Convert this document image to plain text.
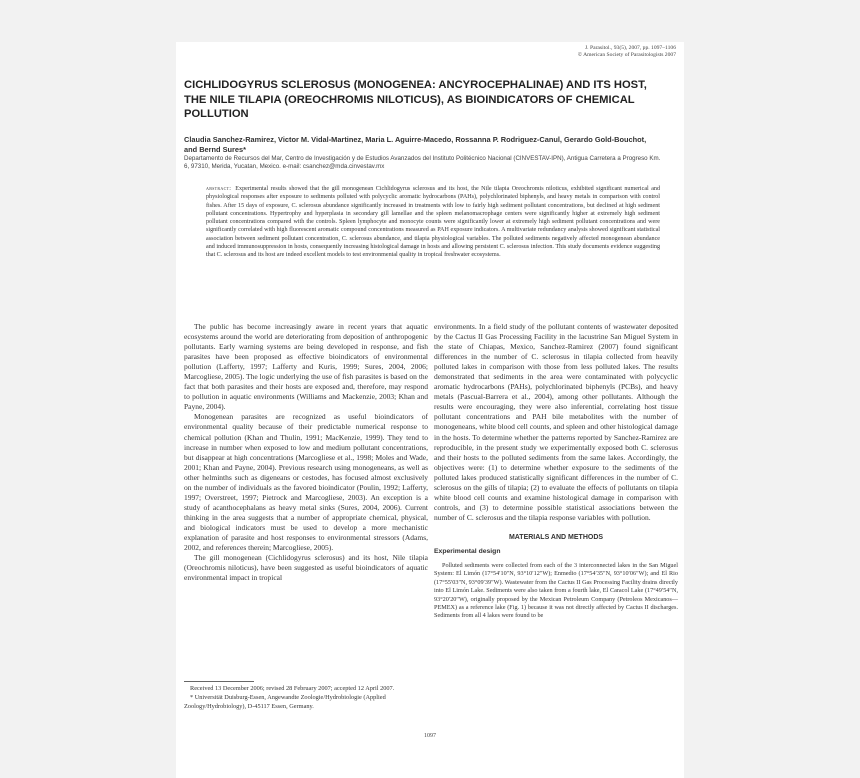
J. Parasitol., 93(5), 2007, pp. 1097–1106
© American Society of Parasitologists 2007
CICHLIDOGYRUS SCLEROSUS (MONOGENEA: ANCYROCEPHALINAE) AND ITS HOST, THE NILE TILAPIA (OREOCHROMIS NILOTICUS), AS BIOINDICATORS OF CHEMICAL POLLUTION
Claudia Sanchez-Ramirez, Victor M. Vidal-Martinez, Maria L. Aguirre-Macedo, Rossanna P. Rodriguez-Canul, Gerardo Gold-Bouchot, and Bernd Sures*
Departamento de Recursos del Mar, Centro de Investigación y de Estudios Avanzados del Instituto Politécnico Nacional (CINVESTAV-IPN), Antigua Carretera a Progreso Km. 6, 97310, Merida, Yucatan, Mexico. e-mail: csanchez@mda.cinvestav.mx
abstract: Experimental results showed that the gill monogenean Cichlidogyrus sclerosus and its host, the Nile tilapia Oreochromis niloticus, exhibited significant numerical and physiological responses after exposure to sediments polluted with polycyclic aromatic hydrocarbons (PAHs), polychlorinated biphenyls, and heavy metals in comparison with control fishes. After 15 days of exposure, C. sclerosus abundance significantly increased in treatments with low to fairly high sediment pollutant concentrations, but declined at high sediment pollutant concentrations. Hypertrophy and hyperplasia in secondary gill lamellae and the spleen melanomacrophage centers were significantly higher at extremely high sediment pollutant concentrations compared with the controls. Spleen lymphocyte and monocyte counts were significantly lower at extremely high sediment pollutant concentrations and were significantly correlated with high fluorescent aromatic compound concentrations measured as PAH exposure indicators. A multivariate redundancy analysis showed significant statistical association between sediment pollutant concentration, C. sclerosus abundance, and tilapia physiological variables. The polluted sediments negatively affected monogenean abundance and induced immunosuppression in hosts, consequently increasing histological damage in hosts and allowing persistent C. sclerosus infection. This study documents evidence suggesting that C. sclerosus and its host are indeed excellent models to test environmental quality in tropical freshwater ecosystems.

The public has become increasingly aware in recent years that aquatic ecosystems around the world are deteriorating from deposition of anthropogenic pollutants. Early warning systems are being developed in response, and fish parasites have been proposed as effective bioindicators of environmental pollution (Lafferty, 1997; Lafferty and Kuris, 1999; Sures, 2004, 2006; Marcogliese, 2005). The logic underlying the use of fish parasites is based on the fact that both parasites and their hosts are exposed and, therefore, may respond to pollution in aquatic environments (Williams and Mackenzie, 2003; Khan and Payne, 2004).

Monogenean parasites are recognized as useful bioindicators of environmental quality because of their predictable numerical response to chemical pollution (Khan and Thulin, 1991; MacKenzie, 1999). They tend to increase in number when exposed to low and medium pollutant concentrations, but disappear at high concentrations (Marcogliese et al., 1998; Moles and Wade, 2001; Khan and Payne, 2004). Previous research using monogeneans, as well as other helminths such as digeneans or cestodes, has focused almost exclusively on the number of individuals as the favored bioindicator (Poulin, 1992; Lafferty, 1997; Overstreet, 1997; Pietrock and Marcogliese, 2003). An exception is a study of acanthocephalans as heavy metal sinks (Sures, 2004, 2006). Current thinking in the area suggests that a number of appropriate chemical, physical, and biological indicators must be used to develop a more mechanistic explanation of parasite and host responses to environmental stressors (Adams, 2002, and references therein; Marcogliese, 2005).

The gill monogenean (Cichlidogyrus sclerosus) and its host, Nile tilapia (Oreochromis niloticus), have been suggested as useful bioindicators of aquatic environmental impact in tropical

environments. In a field study of the pollutant contents of wastewater deposited by the Cactus II Gas Processing Facility in the lacustrine San Miguel System in the state of Chiapas, Mexico, Sanchez-Ramirez (2007) found significant differences in the number of C. sclerosus in tilapia collected from heavily polluted lakes in comparison with those from less polluted lakes. The results demonstrated that sediments in the area were contaminated with polycyclic aromatic hydrocarbons (PAHs), polychlorinated biphenyls (PCBs), and heavy metals (Pascual-Barrera et al., 2004), among other pollutants. Although the results were encouraging, they were also inferential, correlating host tissue pollutant concentrations and PAH bile metabolites with the number of monogeneans, white blood cell counts, and spleen and other histological damage in the hosts. To determine whether the patterns reported by Sanchez-Ramirez are reproducible, in the present study we experimentally exposed both C. sclerosus and their hosts to the polluted sediments from the same lakes. Accordingly, the objectives were: (1) to determine whether exposure to the sediments of the polluted lakes produced statistically significant differences in the number of C. sclerosus on the gills of tilapia; (2) to evaluate the effects of pollutants on tilapia white blood cell counts and examine histological damage in comparison with controls, and (3) to determine possible statistical associations between the number of C. sclerosus and the tilapia response variables with pollution.

MATERIALS AND METHODS
Experimental design

Polluted sediments were collected from each of the 3 interconnected lakes in the San Miguel System: El Limón (17°54′10″N, 93°10′12″W); Enmedio (17°54′35″N, 93°10′06″W); and El Rio (17°55′03″N, 93°09′39″W). Wastewater from the Cactus II Gas Processing Facility drains directly into El Limón Lake. Sediments were also taken from a fourth lake, El Caracol Lake (17°49′54″N, 93°20′20″W), originally proposed by the Mexican Petroleum Company (Petroleos Mexicanos—PEMEX) as a reference lake (Fig. 1) because it was not directly affected by Cactus II discharges. Sediments from all 4 lakes were found to be

Received 13 December 2006; revised 28 February 2007; accepted 12 April 2007.

* Universität Duisburg-Essen, Angewandte Zoologie/Hydrobiologie (Applied Zoology/Hydrobiology), D-45117 Essen, Germany.

1097
